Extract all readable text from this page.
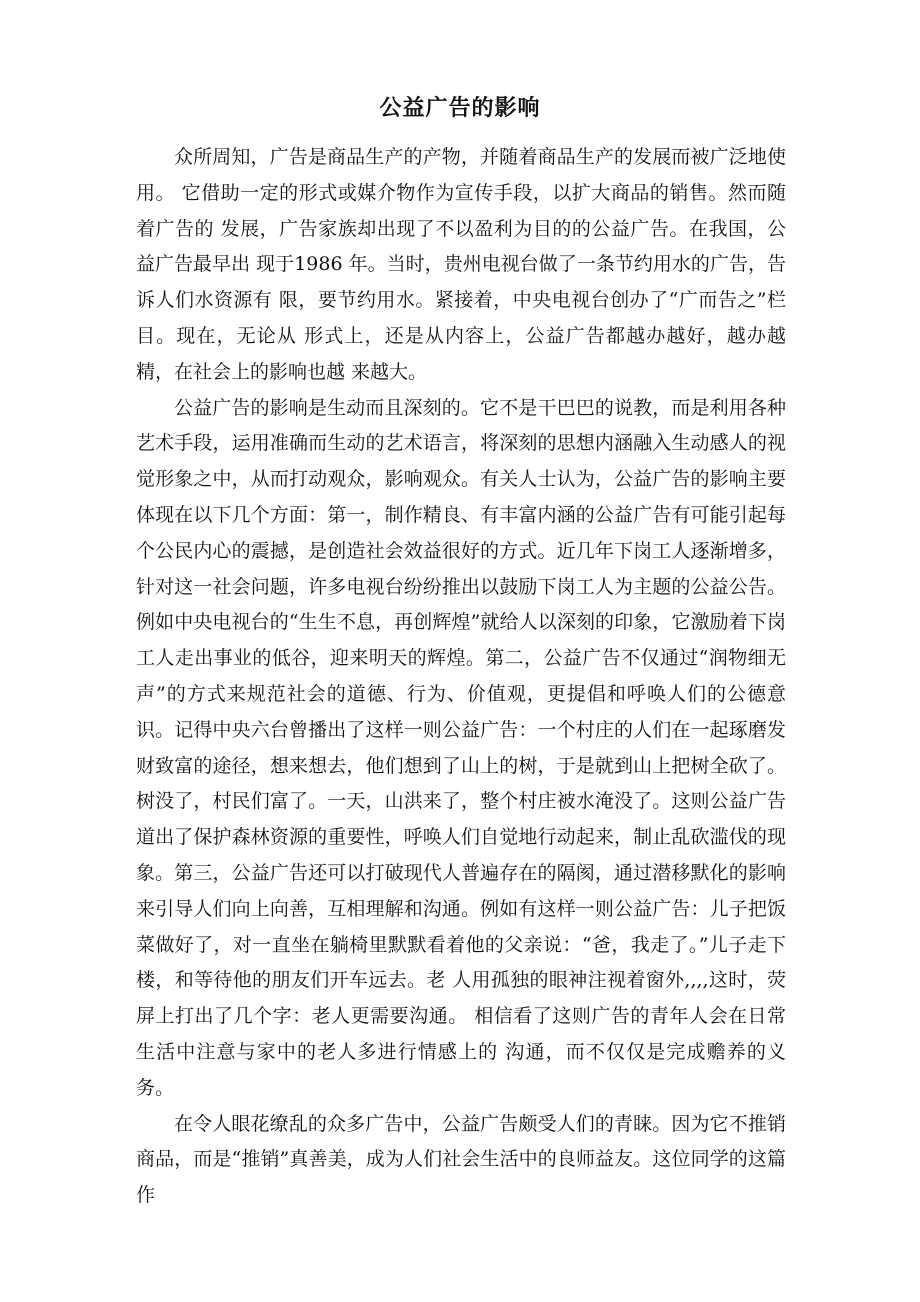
公益广告的影响

众所周知，广告是商品生产的产物，并随着商品生产的发展而被广泛地使用。 它借助一定的形式或媒介物作为宣传手段，以扩大商品的销售。然而随着广告的 发展，广告家族却出现了不以盈利为目的的公益广告。在我国，公益广告最早出 现于1986 年。当时，贵州电视台做了一条节约用水的广告，告诉人们水资源有 限，要节约用水。紧接着，中央电视台创办了“广而告之”栏目。现在，无论从 形式上，还是从内容上，公益广告都越办越好，越办越精，在社会上的影响也越 来越大。

公益广告的影响是生动而且深刻的。它不是干巴巴的说教，而是利用各种艺术手段，运用准确而生动的艺术语言，将深刻的思想内涵融入生动感人的视觉形象之中，从而打动观众，影响观众。有关人士认为，公益广告的影响主要体现在以下几个方面：第一，制作精良、有丰富内涵的公益广告有可能引起每个公民内心的震撼，是创造社会效益很好的方式。近几年下岗工人逐渐增多，针对这一社会问题，许多电视台纷纷推出以鼓励下岗工人为主题的公益公告。例如中央电视台的“生生不息，再创辉煌”就给人以深刻的印象，它激励着下岗工人走出事业的低谷，迎来明天的辉煌。第二，公益广告不仅通过“润物细无声”的方式来规范社会的道德、行为、价值观，更提倡和呼唤人们的公德意识。记得中央六台曾播出了这样一则公益广告：一个村庄的人们在一起琢磨发财致富的途径，想来想去，他们想到了山上的树，于是就到山上把树全砍了。树没了，村民们富了。一天，山洪来了，整个村庄被水淹没了。这则公益广告道出了保护森林资源的重要性，呼唤人们自觉地行动起来，制止乱砍滥伐的现象。第三，公益广告还可以打破现代人普遍存在的隔阂，通过潜移默化的影响来引导人们向上向善，互相理解和沟通。例如有这样一则公益广告：儿子把饭菜做好了，对一直坐在躺椅里默默看着他的父亲说：“爸，我走了。”儿子走下楼，和等待他的朋友们开车远去。老 人用孤独的眼神注视着窗外,,,,这时，荧屏上打出了几个字：老人更需要沟通。 相信看了这则广告的青年人会在日常生活中注意与家中的老人多进行情感上的 沟通，而不仅仅是完成赡养的义务。

在令人眼花缭乱的众多广告中，公益广告颇受人们的青睐。因为它不推销商品，而是“推销”真善美，成为人们社会生活中的良师益友。这位同学的这篇作
